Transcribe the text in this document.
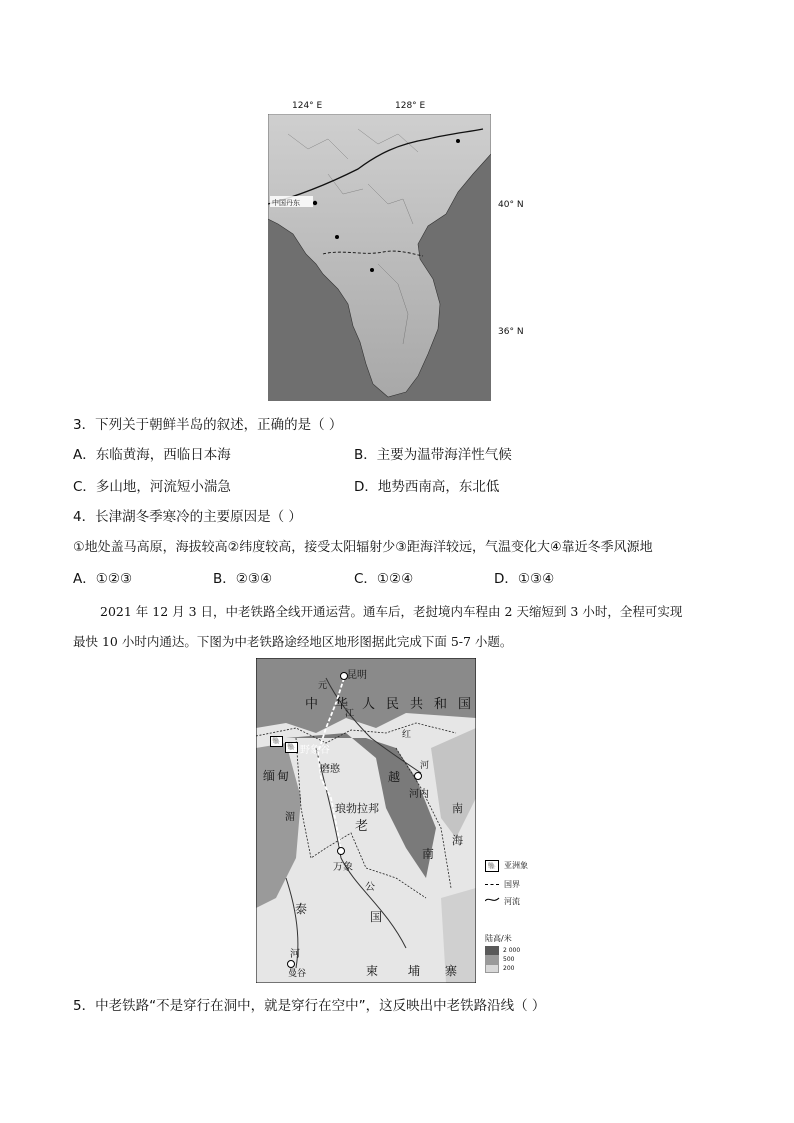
124° E	128° E
40° N
36° N
中国丹东
3．下列关于朝鲜半岛的叙述，正确的是（ ）
A．东临黄海，西临日本海	B．主要为温带海洋性气候
C．多山地，河流短小湍急	D．地势西南高，东北低
4．长津湖冬季寒冷的主要原因是（ ）
①地处盖马高原，海拔较高②纬度较高，接受太阳辐射少③距海洋较远，气温变化大④靠近冬季风源地
A．①②③	B．②③④	C．①②④	D．①③④
2021 年 12 月 3 日，中老铁路全线开通运营。通车后，老挝境内车程由 2 天缩短到 3 小时，全程可实现
最快 10 小时内通达。下图为中老铁路途经地区地形图据此完成下面 5-7 小题。
昆明
野象谷
磨憨
琅勃拉邦
万象
曼谷
河内
中 华 人 民 共 和 国
缅 甸
老
泰
国
越
南
柬 埔 寨
南
海
元
江
红
河
湄
公
河
🐘
🐘
🐘 亚洲象
国界
河流
陆高/米
2 000
500
200
5．中老铁路“不是穿行在洞中，就是穿行在空中”，这反映出中老铁路沿线（ ）
